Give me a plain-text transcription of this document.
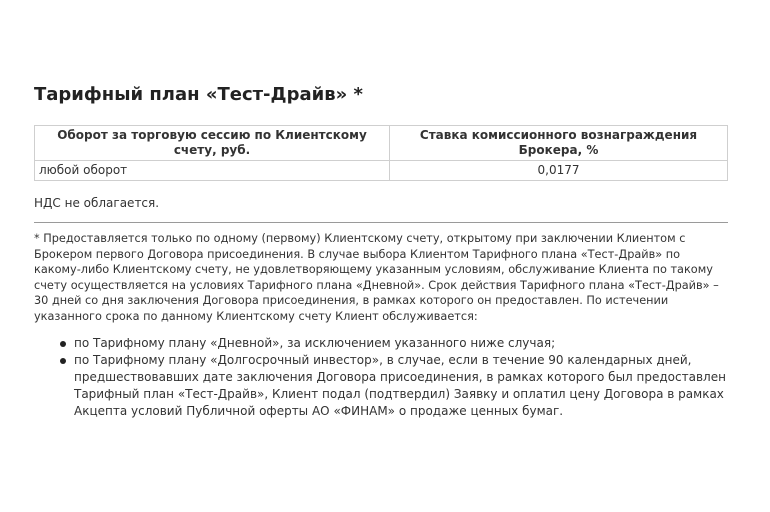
Тарифный план «Тест-Драйв» *
Оборот за торговую сессию по Клиентскому счету, руб.	Ставка комиссионного вознаграждения Брокера, %
любой оборот	0,0177

НДС не облагается.

* Предоставляется только по одному (первому) Клиентскому счету, открытому при заключении Клиентом с Брокером первого Договора присоединения. В случае выбора Клиентом Тарифного плана «Тест-Драйв» по какому-либо Клиентскому счету, не удовлетворяющему указанным условиям, обслуживание Клиента по такому счету осуществляется на условиях Тарифного плана «Дневной». Срок действия Тарифного плана «Тест-Драйв» – 30 дней со дня заключения Договора присоединения, в рамках которого он предоставлен. По истечении указанного срока по данному Клиентскому счету Клиент обслуживается:

по Тарифному плану «Дневной», за исключением указанного ниже случая;
по Тарифному плану «Долгосрочный инвестор», в случае, если в течение 90 календарных дней, предшествовавших дате заключения Договора присоединения, в рамках которого был предоставлен Тарифный план «Тест-Драйв», Клиент подал (подтвердил) Заявку и оплатил цену Договора в рамках Акцепта условий Публичной оферты АО «ФИНАМ» о продаже ценных бумаг.
